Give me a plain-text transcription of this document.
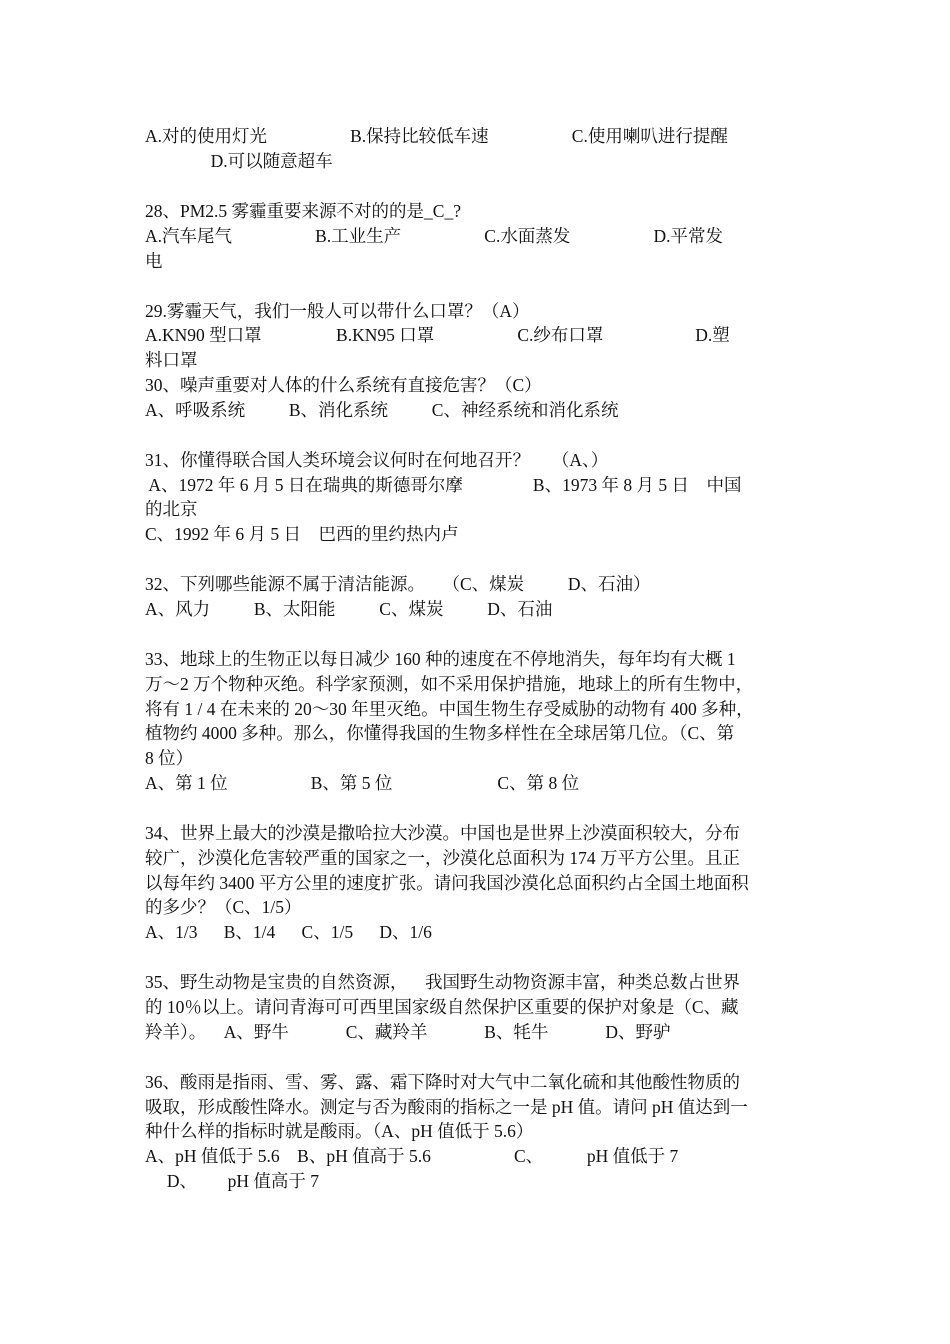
A.对的使用灯光                   B.保持比较低车速                   C.使用喇叭进行提醒
D.可以随意超车
28、PM2.5 雾霾重要来源不对的的是_C_?
A.汽车尾气                   B.工业生产                   C.水面蒸发                   D.平常发
电
29.雾霾天气，我们一般人可以带什么口罩？（A）
A.KN90 型口罩                 B.KN95 口罩                   C.纱布口罩                     D.塑
料口罩
30、噪声重要对人体的什么系统有直接危害？（C）
A、呼吸系统          B、消化系统          C、神经系统和消化系统
31、你懂得联合国人类环境会议何时在何地召开？     （A、）
A、1972 年 6 月 5 日在瑞典的斯德哥尔摩                B、1973 年 8 月 5 日    中国
的北京
C、1992 年 6 月 5 日    巴西的里约热内卢
32、下列哪些能源不属于清洁能源。    （C、煤炭          D、石油）
A、风力          B、太阳能          C、煤炭          D、石油
33、地球上的生物正以每日减少 160 种的速度在不停地消失，每年均有大概 1
万～2 万个物种灭绝。科学家预测，如不采用保护措施，地球上的所有生物中，
将有 1 / 4 在未来的 20～30 年里灭绝。中国生物生存受威胁的动物有 400 多种，
植物约 4000 多种。那么，你懂得我国的生物多样性在全球居第几位。（C、第
8 位）
A、第 1 位                   B、第 5 位                        C、第 8 位
34、世界上最大的沙漠是撒哈拉大沙漠。中国也是世界上沙漠面积较大，分布
较广，沙漠化危害较严重的国家之一，沙漠化总面积为 174 万平方公里。且正
以每年约 3400 平方公里的速度扩张。请问我国沙漠化总面积约占全国土地面积
的多少？（C、1/5）
A、1/3      B、1/4      C、1/5      D、1/6
35、野生动物是宝贵的自然资源，    我国野生动物资源丰富，种类总数占世界
的 10％以上。请问青海可可西里国家级自然保护区重要的保护对象是（C、藏
羚羊）。    A、野牛             C、藏羚羊             B、牦牛             D、野驴
36、酸雨是指雨、雪、雾、露、霜下降时对大气中二氧化硫和其他酸性物质的
吸取，形成酸性降水。测定与否为酸雨的指标之一是 pH 值。请问 pH 值达到一
种什么样的指标时就是酸雨。（A、pH 值低于 5.6）
A、pH 值低于 5.6    B、pH 值高于 5.6                   C、          pH 值低于 7
D、       pH 值高于 7
